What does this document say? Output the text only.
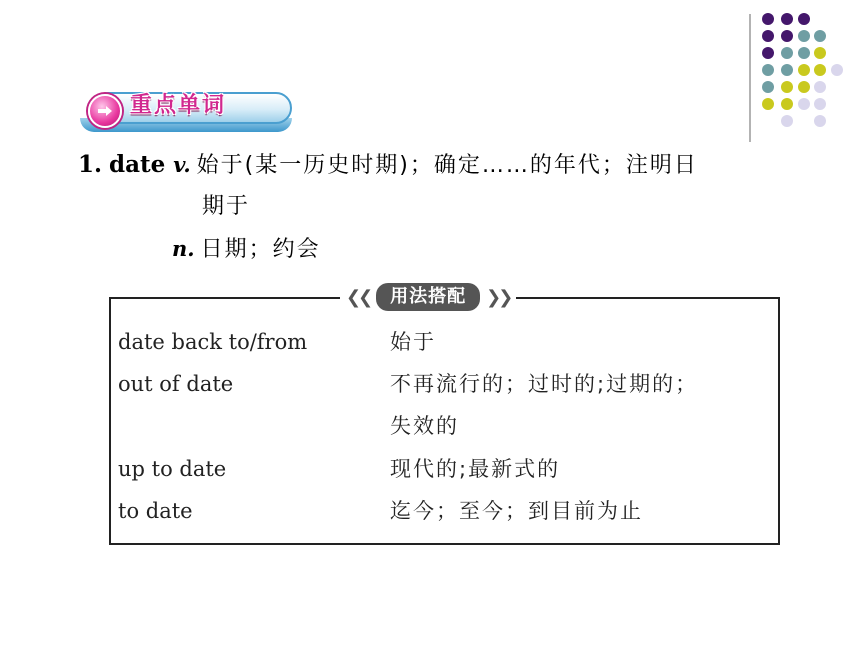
重点单词
1. date v. 始于(某一历史时期)；确定……的年代；注明日
期于
n. 日期；约会
❮❮	用法搭配	❯❯
date back to/from	始于
out of date	不再流行的；过时的;过期的；
失效的
up to date	现代的;最新式的
to date	迄今；至今；到目前为止
